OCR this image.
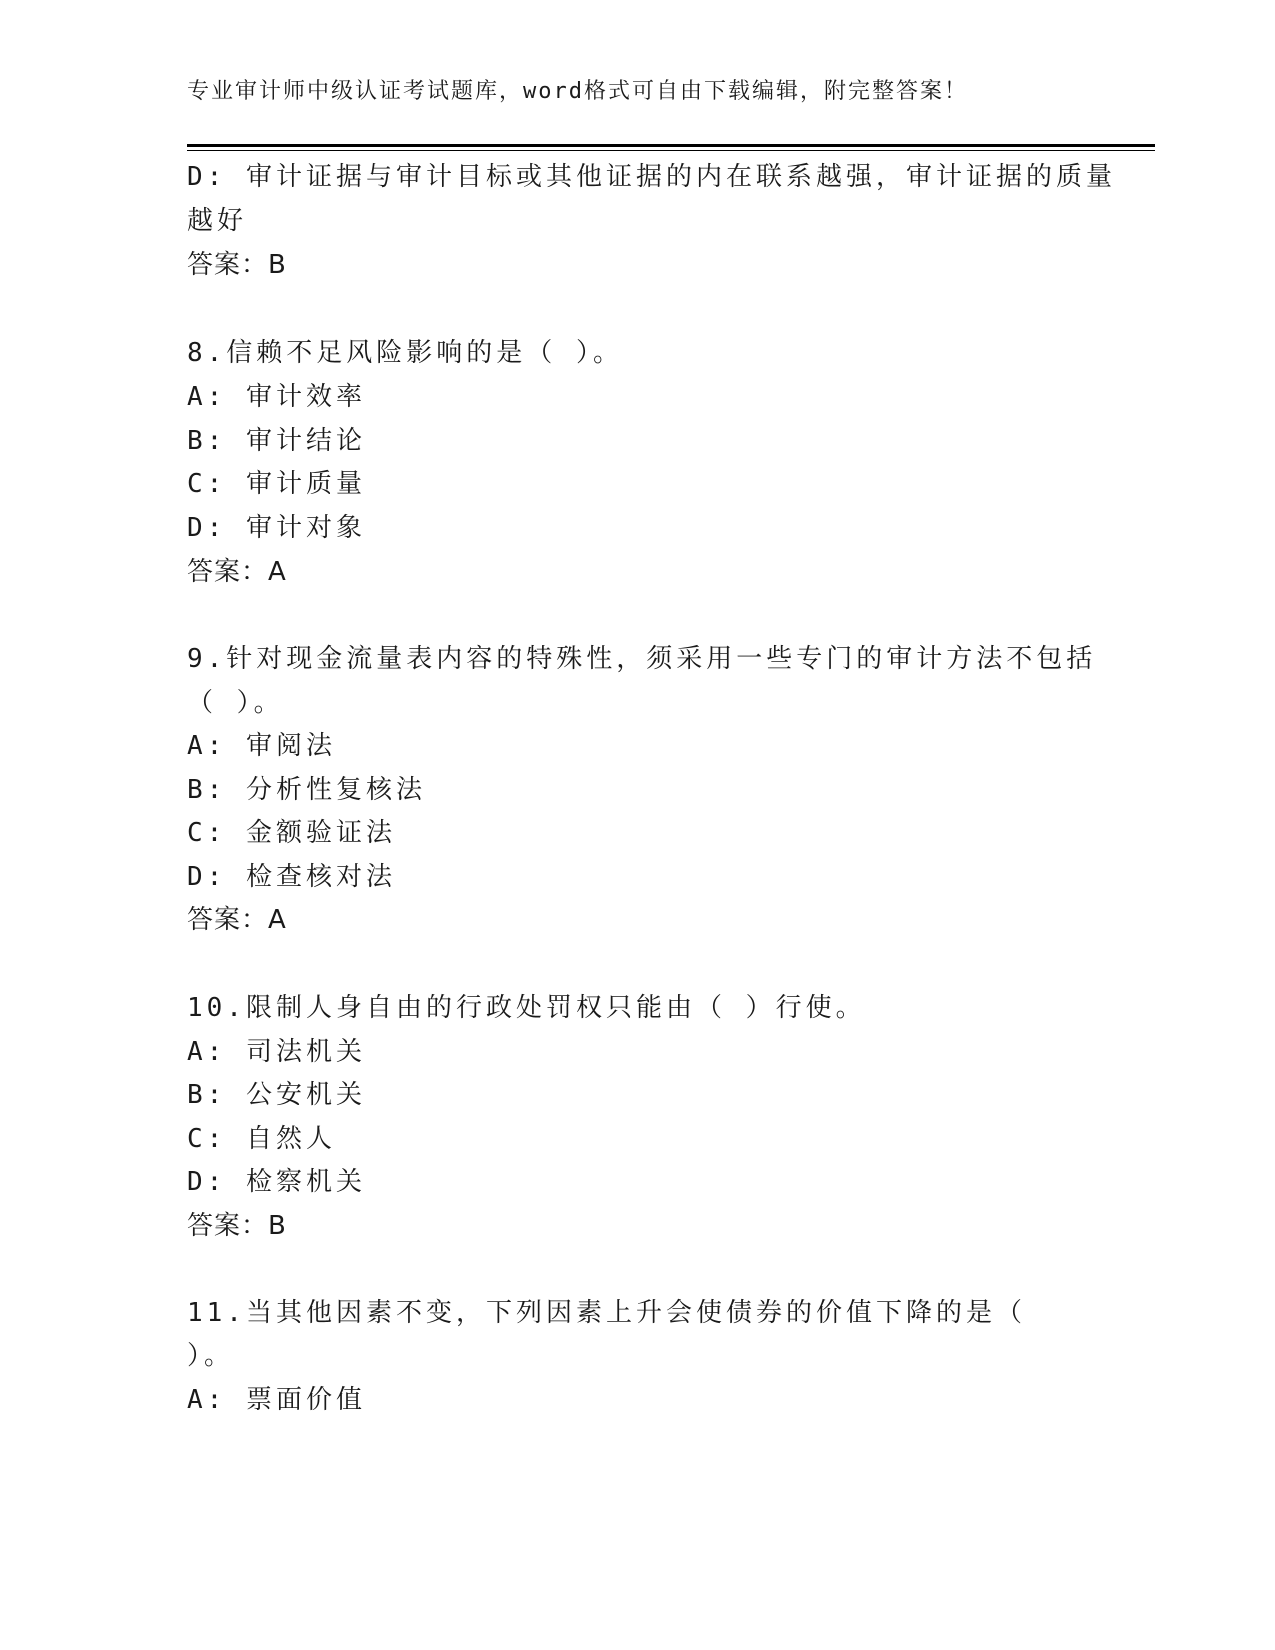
专业审计师中级认证考试题库，word格式可自由下载编辑，附完整答案！
D: 审计证据与审计目标或其他证据的内在联系越强，审计证据的质量
越好
答案：B
8.信赖不足风险影响的是（ ）。
A: 审计效率
B: 审计结论
C: 审计质量
D: 审计对象
答案：A
9.针对现金流量表内容的特殊性，须采用一些专门的审计方法不包括
（ ）。
A: 审阅法
B: 分析性复核法
C: 金额验证法
D: 检查核对法
答案：A
10.限制人身自由的行政处罚权只能由（ ）行使。
A: 司法机关
B: 公安机关
C: 自然人
D: 检察机关
答案：B
11.当其他因素不变，下列因素上升会使债券的价值下降的是（
）。
A: 票面价值
